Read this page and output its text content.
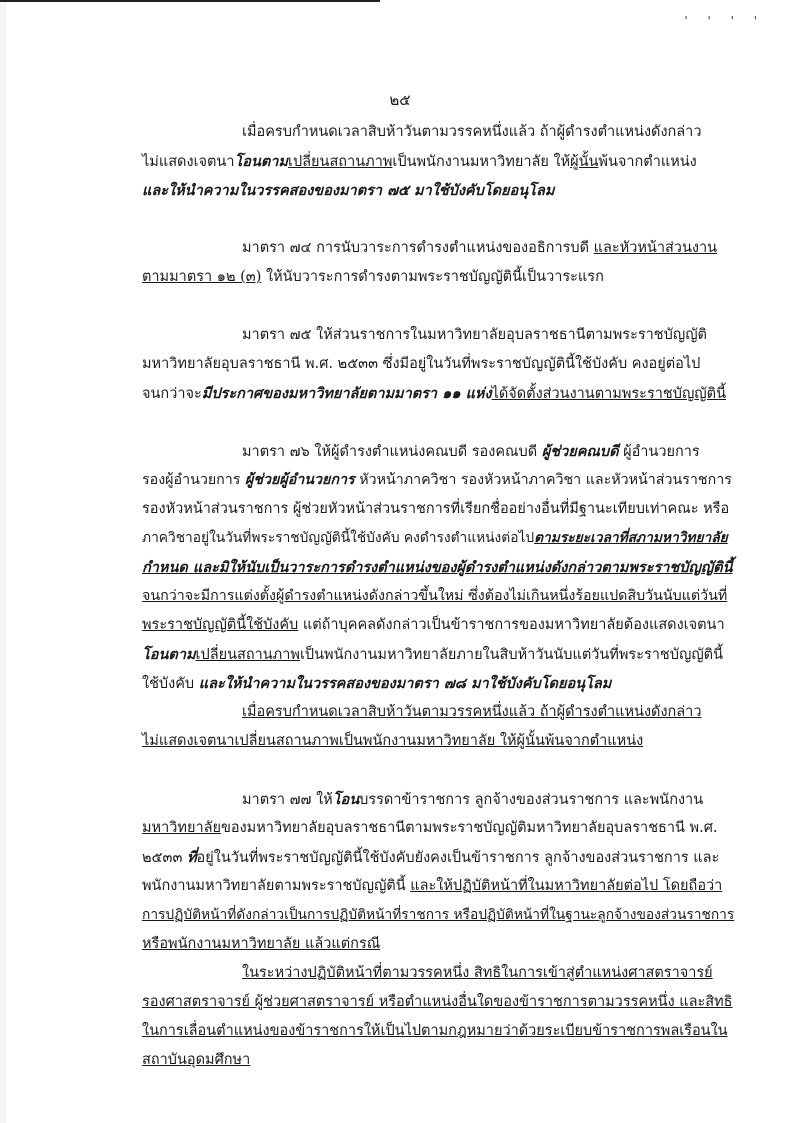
' ' ' '
๒๕
เมื่อครบกำหนดเวลาสิบห้าวันตามวรรคหนึ่งแล้ว ถ้าผู้ดำรงตำแหน่งดังกล่าว
ไม่แสดงเจตนาโอนตามเปลี่ยนสถานภาพเป็นพนักงานมหาวิทยาลัย ให้ผู้นั้นพ้นจากตำแหน่ง
และให้นำความในวรรคสองของมาตรา ๗๕ มาใช้บังคับโดยอนุโลม
มาตรา ๗๔ การนับวาระการดำรงตำแหน่งของอธิการบดี และหัวหน้าส่วนงาน
ตามมาตรา ๑๒ (๓) ให้นับวาระการดำรงตามพระราชบัญญัตินี้เป็นวาระแรก
มาตรา ๗๕ ให้ส่วนราชการในมหาวิทยาลัยอุบลราชธานีตามพระราชบัญญัติ
มหาวิทยาลัยอุบลราชธานี พ.ศ. ๒๕๓๓ ซึ่งมีอยู่ในวันที่พระราชบัญญัตินี้ใช้บังคับ คงอยู่ต่อไป
จนกว่าจะมีประกาศของมหาวิทยาลัยตามมาตรา ๑๑ แห่งได้จัดตั้งส่วนงานตามพระราชบัญญัตินี้
มาตรา ๗๖ ให้ผู้ดำรงตำแหน่งคณบดี รองคณบดี ผู้ช่วยคณบดี ผู้อำนวยการ
รองผู้อำนวยการ ผู้ช่วยผู้อำนวยการ หัวหน้าภาควิชา รองหัวหน้าภาควิชา และหัวหน้าส่วนราชการ
รองหัวหน้าส่วนราชการ ผู้ช่วยหัวหน้าส่วนราชการที่เรียกชื่ออย่างอื่นที่มีฐานะเทียบเท่าคณะ หรือ
ภาควิชาอยู่ในวันที่พระราชบัญญัตินี้ใช้บังคับ คงดำรงตำแหน่งต่อไปตามระยะเวลาที่สภามหาวิทยาลัย
กำหนด และมิให้นับเป็นวาระการดำรงตำแหน่งของผู้ดำรงตำแหน่งดังกล่าวตามพระราชบัญญัตินี้
จนกว่าจะมีการแต่งตั้งผู้ดำรงตำแหน่งดังกล่าวขึ้นใหม่ ซึ่งต้องไม่เกินหนึ่งร้อยแปดสิบวันนับแต่วันที่
พระราชบัญญัตินี้ใช้บังคับ แต่ถ้าบุคคลดังกล่าวเป็นข้าราชการของมหาวิทยาลัยต้องแสดงเจตนา
โอนตามเปลี่ยนสถานภาพเป็นพนักงานมหาวิทยาลัยภายในสิบห้าวันนับแต่วันที่พระราชบัญญัตินี้
ใช้บังคับ และให้นำความในวรรคสองของมาตรา ๗๘ มาใช้บังคับโดยอนุโลม
เมื่อครบกำหนดเวลาสิบห้าวันตามวรรคหนึ่งแล้ว ถ้าผู้ดำรงตำแหน่งดังกล่าว
ไม่แสดงเจตนาเปลี่ยนสถานภาพเป็นพนักงานมหาวิทยาลัย ให้ผู้นั้นพ้นจากตำแหน่ง
มาตรา ๗๗ ให้โอนบรรดาข้าราชการ ลูกจ้างของส่วนราชการ และพนักงาน
มหาวิทยาลัยของมหาวิทยาลัยอุบลราชธานีตามพระราชบัญญัติมหาวิทยาลัยอุบลราชธานี พ.ศ.
๒๕๓๓ ที่อยู่ในวันที่พระราชบัญญัตินี้ใช้บังคับยังคงเป็นข้าราชการ ลูกจ้างของส่วนราชการ และ
พนักงานมหาวิทยาลัยตามพระราชบัญญัตินี้ และให้ปฏิบัติหน้าที่ในมหาวิทยาลัยต่อไป โดยถือว่า
การปฏิบัติหน้าที่ดังกล่าวเป็นการปฏิบัติหน้าที่ราชการ หรือปฏิบัติหน้าที่ในฐานะลูกจ้างของส่วนราชการ
หรือพนักงานมหาวิทยาลัย แล้วแต่กรณี
ในระหว่างปฏิบัติหน้าที่ตามวรรคหนึ่ง สิทธิในการเข้าสู่ตำแหน่งศาสตราจารย์
รองศาสตราจารย์ ผู้ช่วยศาสตราจารย์ หรือตำแหน่งอื่นใดของข้าราชการตามวรรคหนึ่ง และสิทธิ
ในการเลื่อนตำแหน่งของข้าราชการให้เป็นไปตามกฎหมายว่าด้วยระเบียบข้าราชการพลเรือนใน
สถาบันอุดมศึกษา
